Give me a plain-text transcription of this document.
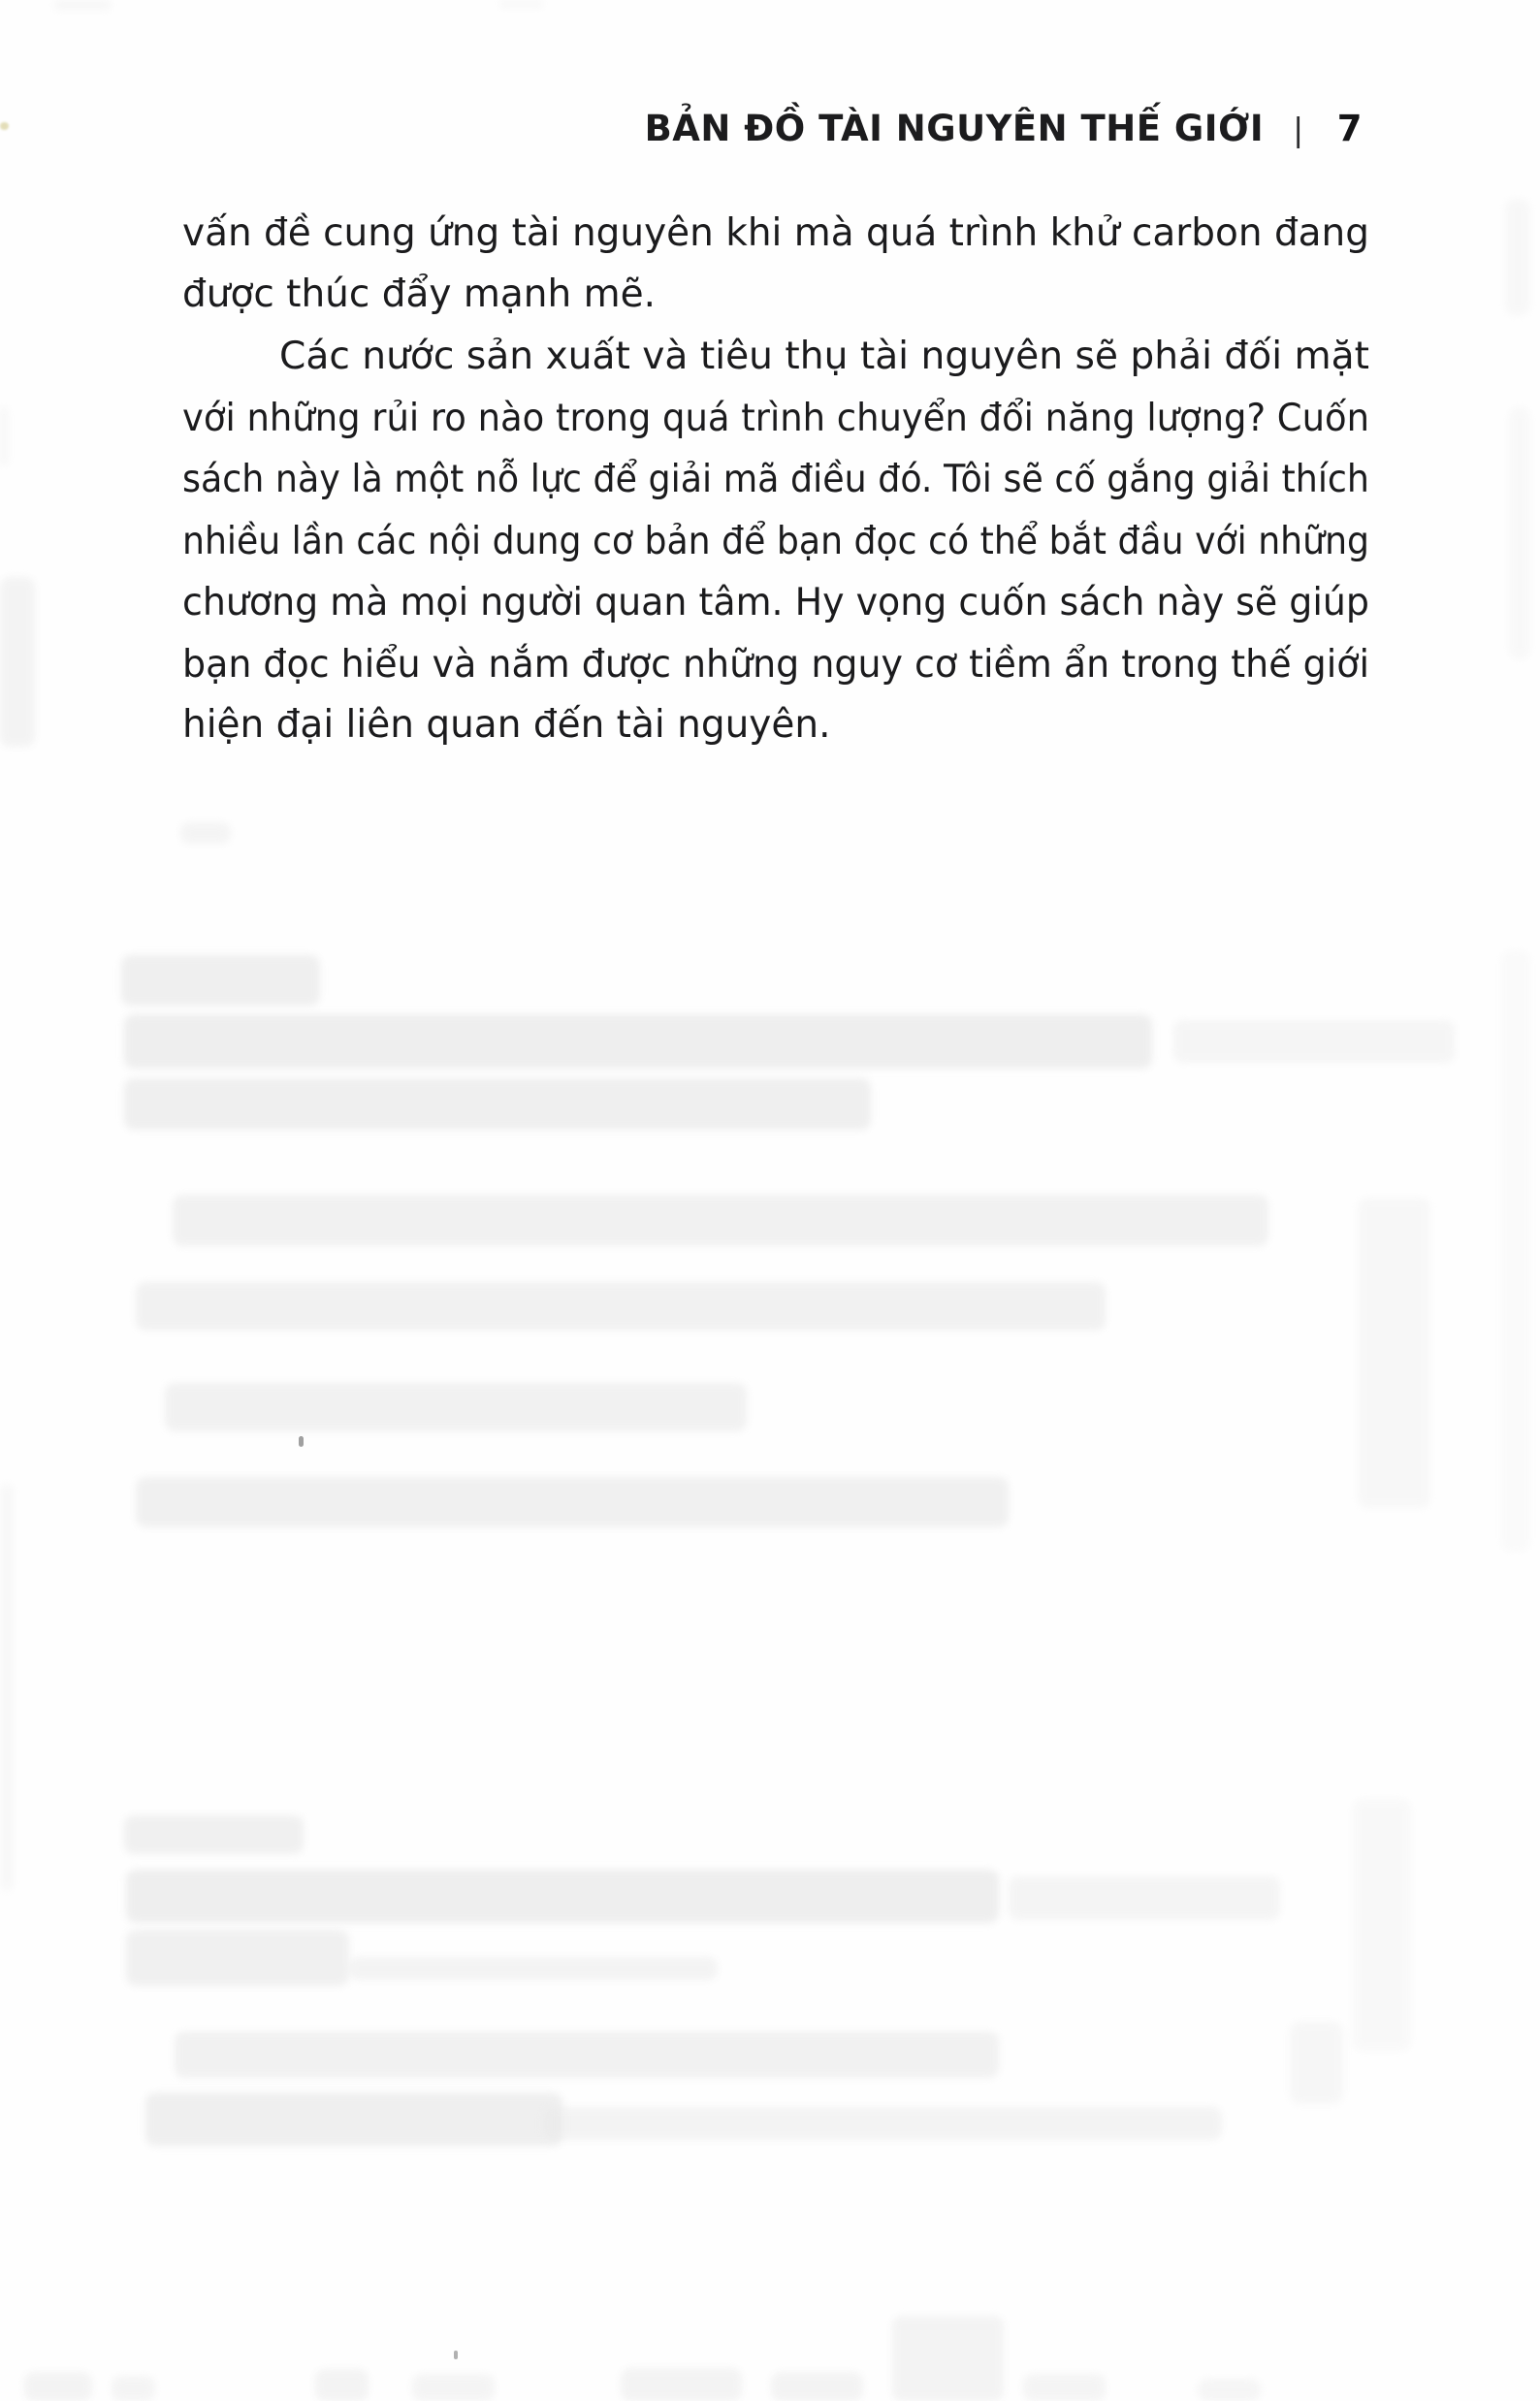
BẢN ĐỒ TÀI NGUYÊN THẾ GIỚI | 7
vấn đề cung ứng tài nguyên khi mà quá trình khử carbon đang
được thúc đẩy mạnh mẽ.
Các nước sản xuất và tiêu thụ tài nguyên sẽ phải đối mặt
với những rủi ro nào trong quá trình chuyển đổi năng lượng? Cuốn
sách này là một nỗ lực để giải mã điều đó. Tôi sẽ cố gắng giải thích
nhiều lần các nội dung cơ bản để bạn đọc có thể bắt đầu với những
chương mà mọi người quan tâm. Hy vọng cuốn sách này sẽ giúp
bạn đọc hiểu và nắm được những nguy cơ tiềm ẩn trong thế giới
hiện đại liên quan đến tài nguyên.
